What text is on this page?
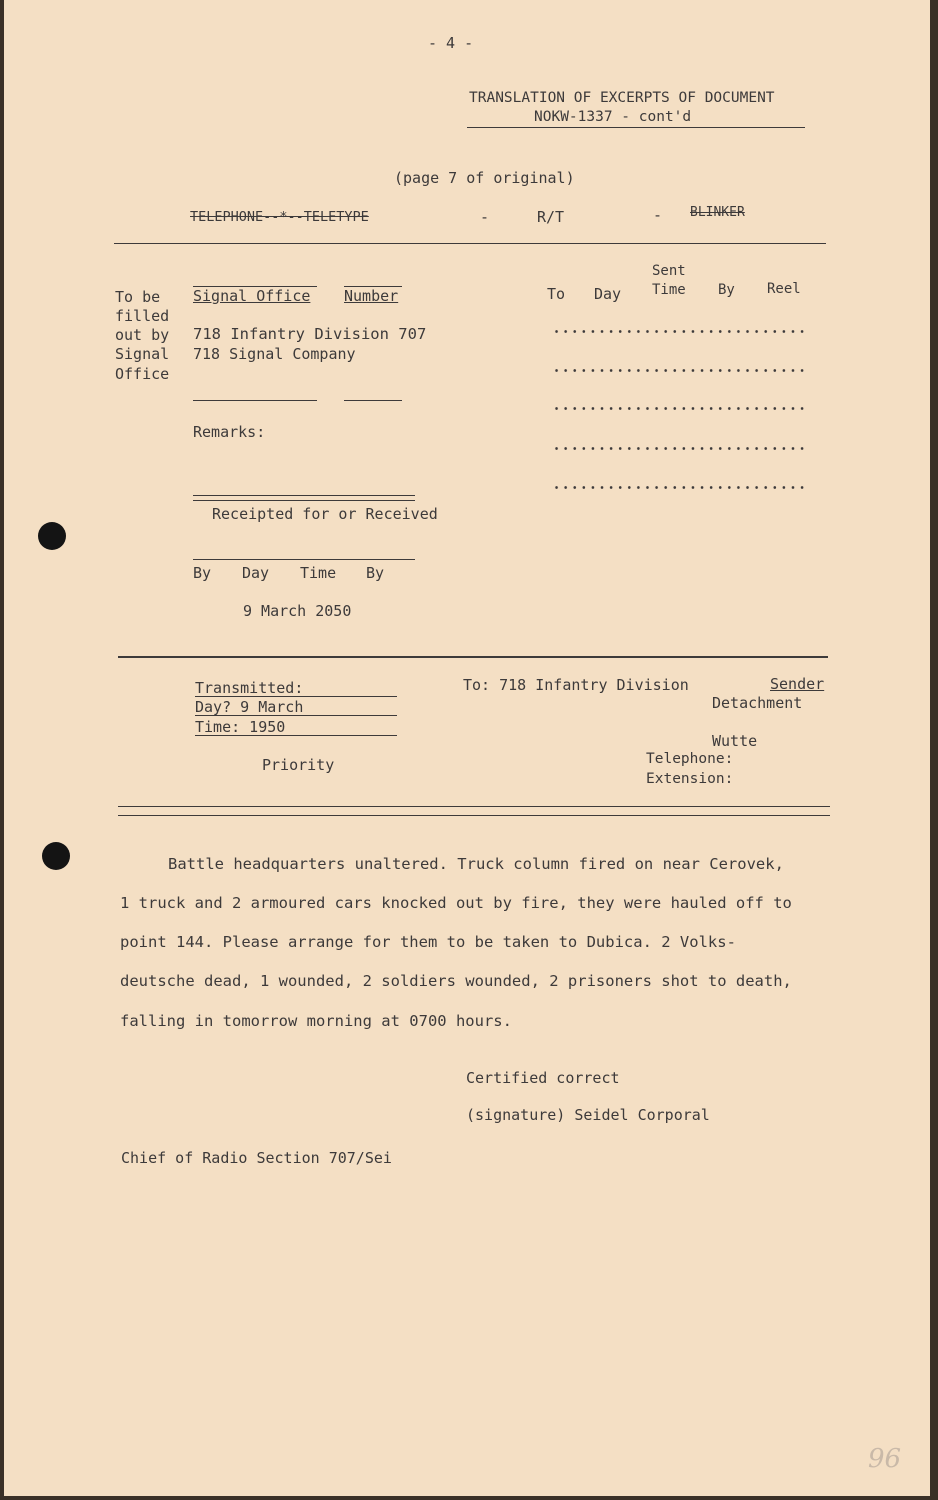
- 4 -
TRANSLATION OF EXCERPTS OF DOCUMENT
NOKW-1337 - cont'd
(page 7 of original)
TELEPHONE--*--TELETYPE	-	R/T	- BLINKER
To be
filled
out by
Signal
Office
Signal Office Number
718 Infantry Division 707
718 Signal Company
Remarks:
Sent
To Day Time By Reel
Receipted for or Received
By Day Time By
9 March 2050
Transmitted:
Day? 9 March
Time: 1950
Priority
To: 718 Infantry Division	Sender
Detachment
Wutte
Telephone:
Extension:
Battle headquarters unaltered. Truck column fired on near Cerovek,
1 truck and 2 armoured cars knocked out by fire, they were hauled off to
point 144. Please arrange for them to be taken to Dubica. 2 Volks-
deutsche dead, 1 wounded, 2 soldiers wounded, 2 prisoners shot to death,
falling in tomorrow morning at 0700 hours.
Certified correct
(signature) Seidel Corporal
Chief of Radio Section 707/Sei
96
